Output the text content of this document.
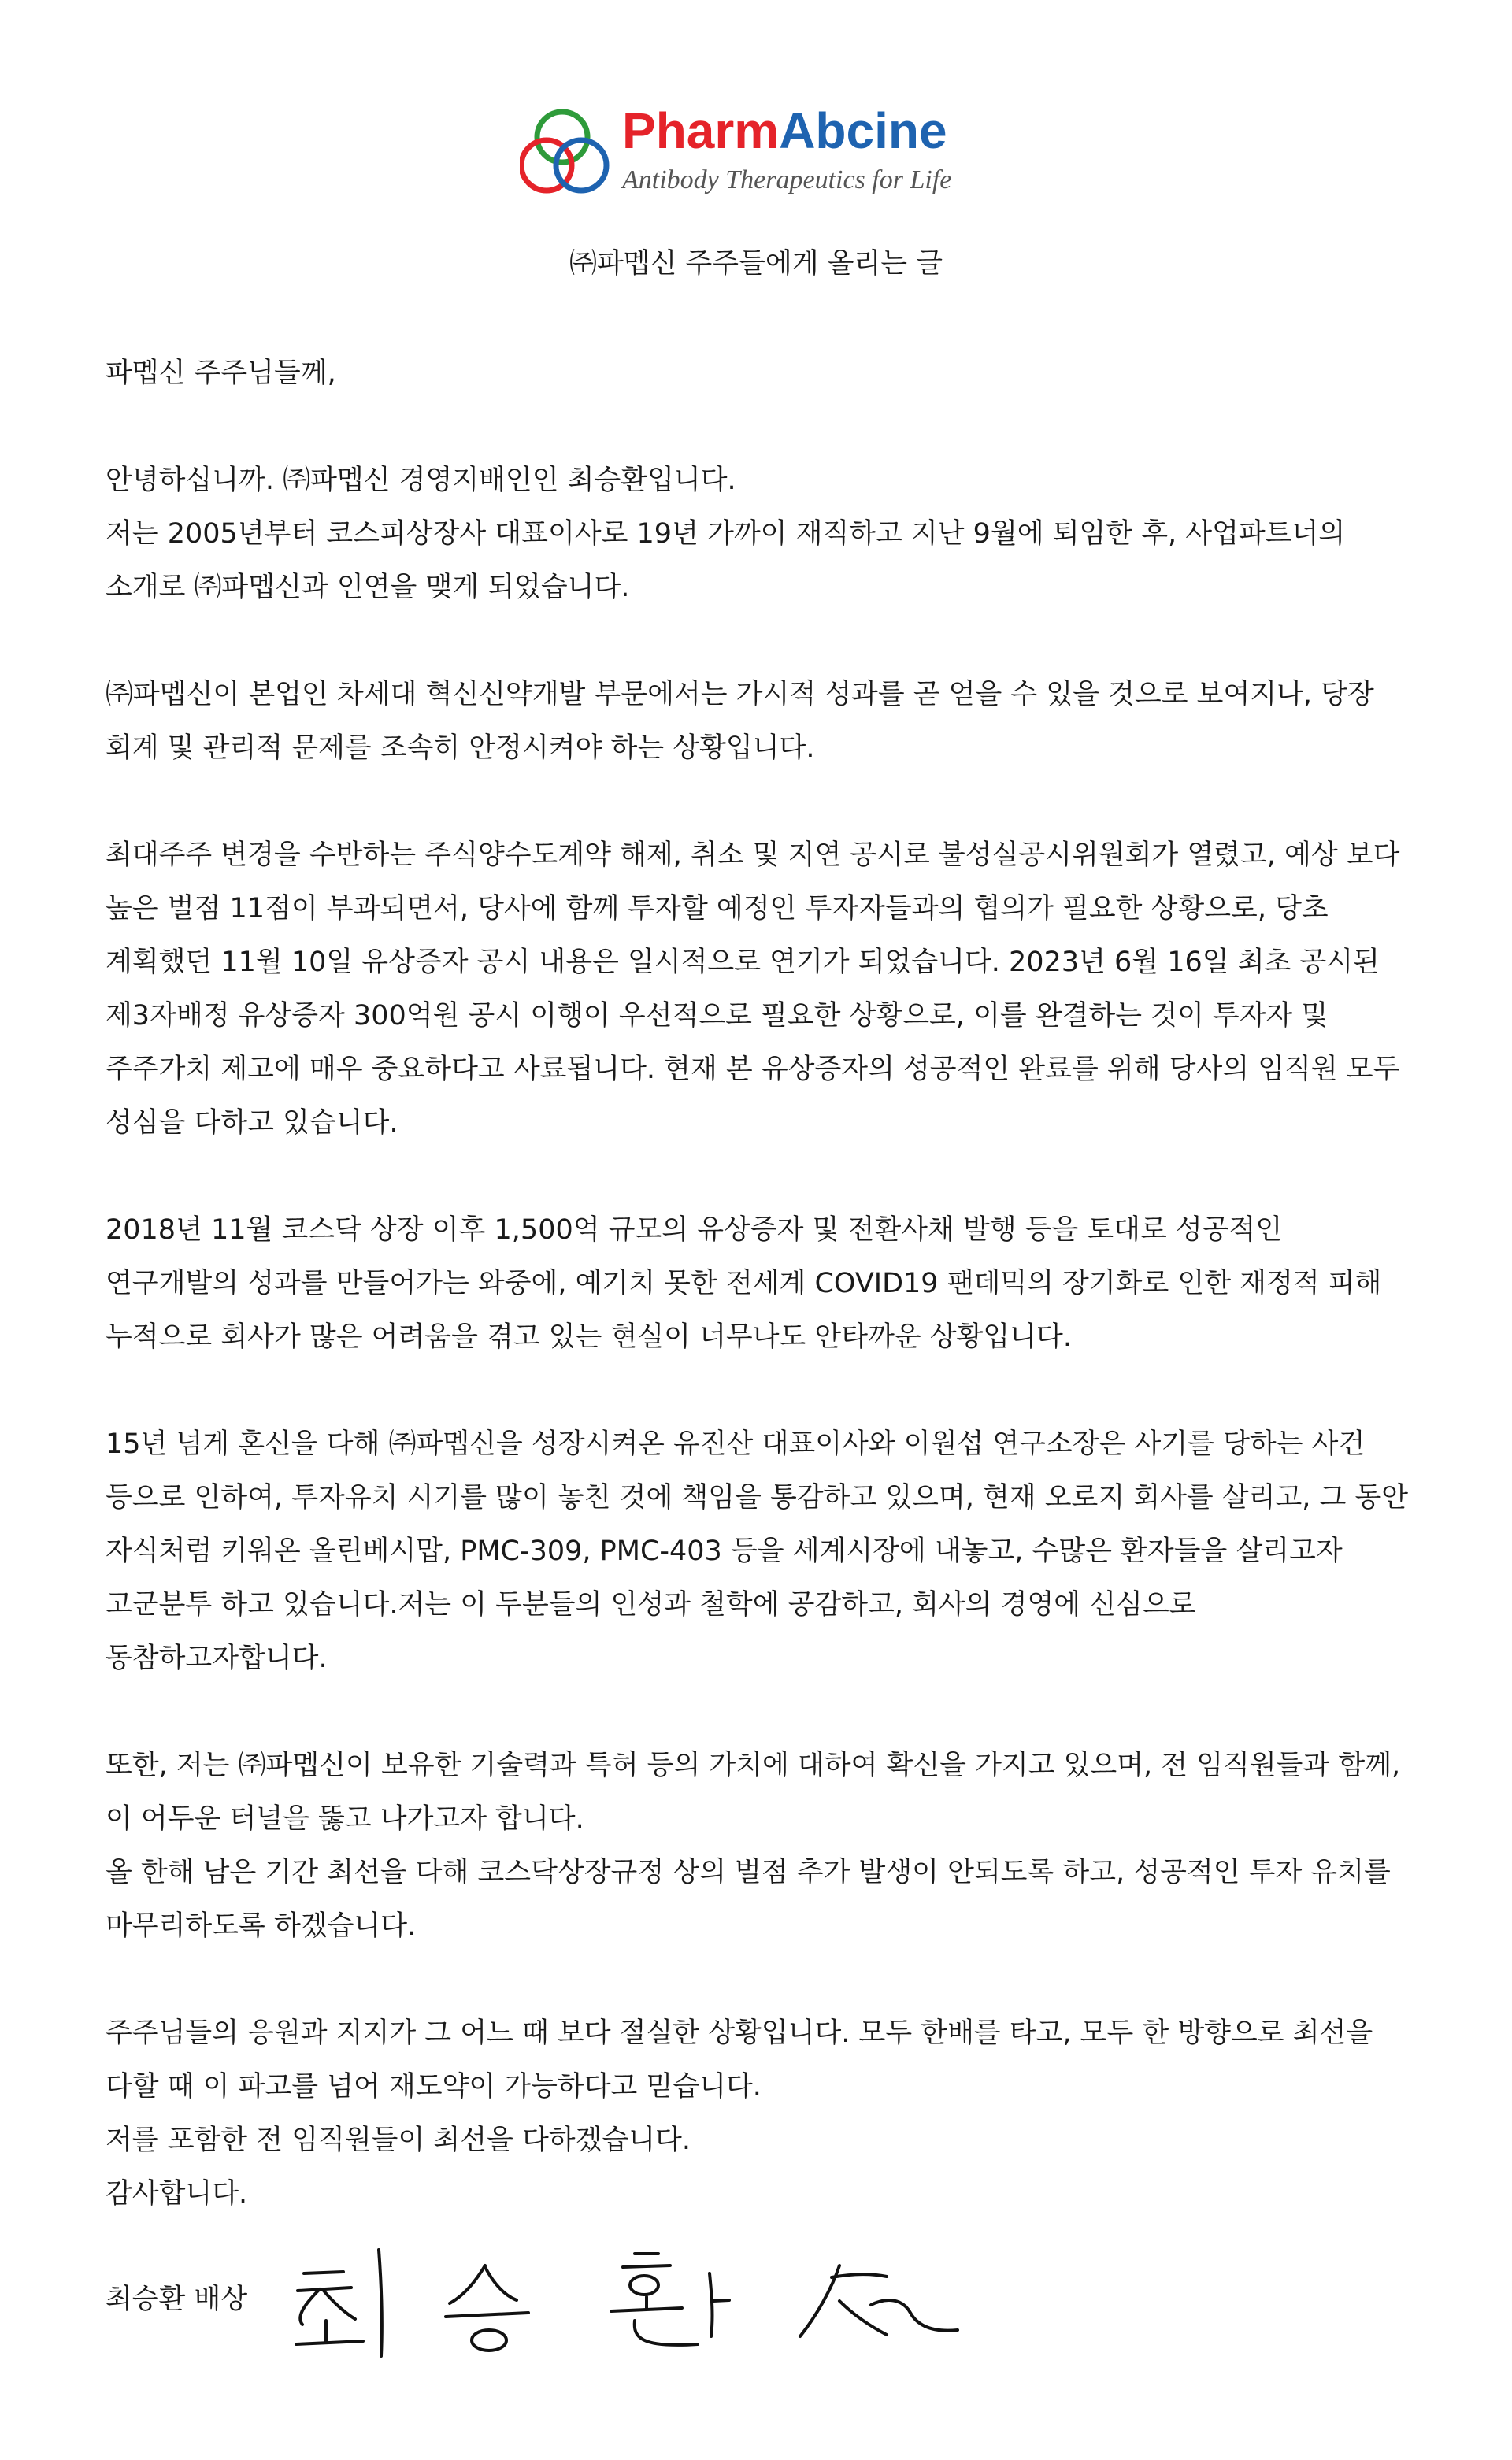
PharmAbcine
Antibody Therapeutics for Life
㈜파멥신 주주들에게 올리는 글

파멥신 주주님들께,

안녕하십니까. ㈜파멥신 경영지배인인 최승환입니다.
저는 2005년부터 코스피상장사 대표이사로 19년 가까이 재직하고 지난 9월에 퇴임한 후, 사업파트너의
소개로 ㈜파멥신과 인연을 맺게 되었습니다.

㈜파멥신이 본업인 차세대 혁신신약개발 부문에서는 가시적 성과를 곧 얻을 수 있을 것으로 보여지나, 당장
회계 및 관리적 문제를 조속히 안정시켜야 하는 상황입니다.

최대주주 변경을 수반하는 주식양수도계약 해제, 취소 및 지연 공시로 불성실공시위원회가 열렸고, 예상 보다
높은 벌점 11점이 부과되면서, 당사에 함께 투자할 예정인 투자자들과의 협의가 필요한 상황으로, 당초
계획했던 11월 10일 유상증자 공시 내용은 일시적으로 연기가 되었습니다. 2023년 6월 16일 최초 공시된
제3자배정 유상증자 300억원 공시 이행이 우선적으로 필요한 상황으로, 이를 완결하는 것이 투자자 및
주주가치 제고에 매우 중요하다고 사료됩니다. 현재 본 유상증자의 성공적인 완료를 위해 당사의 임직원 모두
성심을 다하고 있습니다.

2018년 11월 코스닥 상장 이후 1,500억 규모의 유상증자 및 전환사채 발행 등을 토대로 성공적인
연구개발의 성과를 만들어가는 와중에, 예기치 못한 전세계 COVID19 팬데믹의 장기화로 인한 재정적 피해
누적으로 회사가 많은 어려움을 겪고 있는 현실이 너무나도 안타까운 상황입니다.

15년 넘게 혼신을 다해 ㈜파멥신을 성장시켜온 유진산 대표이사와 이원섭 연구소장은 사기를 당하는 사건
등으로 인하여, 투자유치 시기를 많이 놓친 것에 책임을 통감하고 있으며, 현재 오로지 회사를 살리고, 그 동안
자식처럼 키워온 올린베시맙, PMC-309, PMC-403 등을 세계시장에 내놓고, 수많은 환자들을 살리고자
고군분투 하고 있습니다.저는 이 두분들의 인성과 철학에 공감하고, 회사의 경영에 신심으로
동참하고자합니다.

또한, 저는 ㈜파멥신이 보유한 기술력과 특허 등의 가치에 대하여 확신을 가지고 있으며, 전 임직원들과 함께,
이 어두운 터널을 뚫고 나가고자 합니다.
올 한해 남은 기간 최선을 다해 코스닥상장규정 상의 벌점 추가 발생이 안되도록 하고, 성공적인 투자 유치를
마무리하도록 하겠습니다.

주주님들의 응원과 지지가 그 어느 때 보다 절실한 상황입니다. 모두 한배를 타고, 모두 한 방향으로 최선을
다할 때 이 파고를 넘어 재도약이 가능하다고 믿습니다.
저를 포함한 전 임직원들이 최선을 다하겠습니다.
감사합니다.

최승환 배상
